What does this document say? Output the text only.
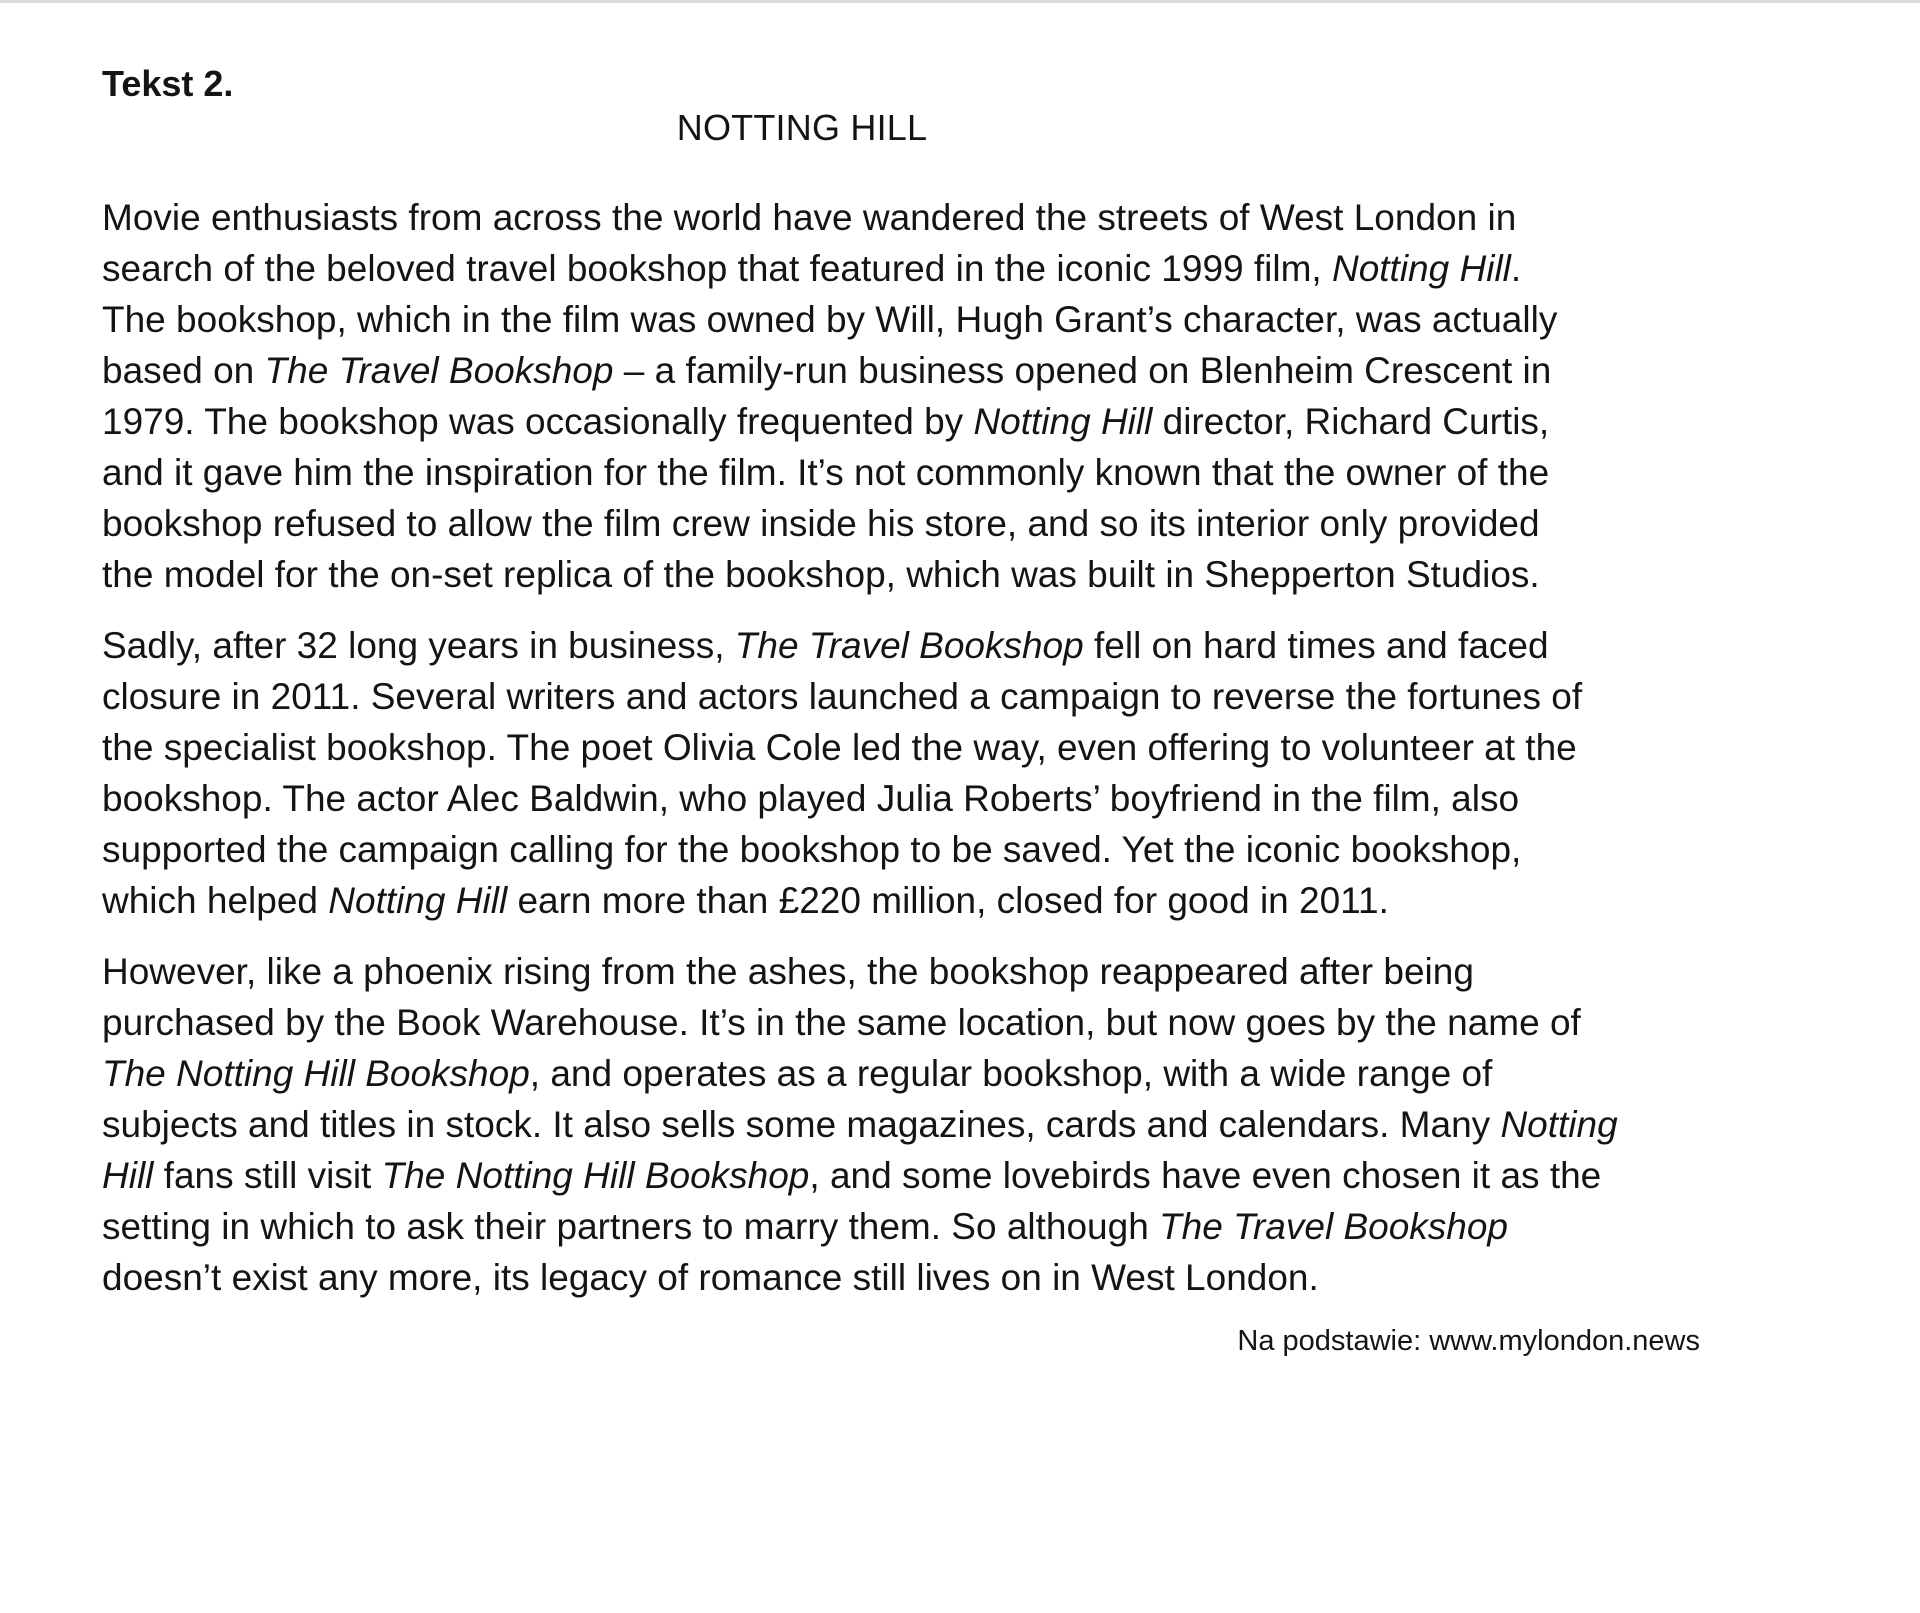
Tekst 2.

NOTTING HILL

Movie enthusiasts from across the world have wandered the streets of West London in
search of the beloved travel bookshop that featured in the iconic 1999 film, Notting Hill.
The bookshop, which in the film was owned by Will, Hugh Grant’s character, was actually
based on The Travel Bookshop – a family-run business opened on Blenheim Crescent in
1979. The bookshop was occasionally frequented by Notting Hill director, Richard Curtis,
and it gave him the inspiration for the film. It’s not commonly known that the owner of the
bookshop refused to allow the film crew inside his store, and so its interior only provided
the model for the on-set replica of the bookshop, which was built in Shepperton Studios.
Sadly, after 32 long years in business, The Travel Bookshop fell on hard times and faced
closure in 2011. Several writers and actors launched a campaign to reverse the fortunes of
the specialist bookshop. The poet Olivia Cole led the way, even offering to volunteer at the
bookshop. The actor Alec Baldwin, who played Julia Roberts’ boyfriend in the film, also
supported the campaign calling for the bookshop to be saved. Yet the iconic bookshop,
which helped Notting Hill earn more than £220 million, closed for good in 2011.
However, like a phoenix rising from the ashes, the bookshop reappeared after being
purchased by the Book Warehouse. It’s in the same location, but now goes by the name of
The Notting Hill Bookshop, and operates as a regular bookshop, with a wide range of
subjects and titles in stock. It also sells some magazines, cards and calendars. Many Notting
Hill fans still visit The Notting Hill Bookshop, and some lovebirds have even chosen it as the
setting in which to ask their partners to marry them. So although The Travel Bookshop
doesn’t exist any more, its legacy of romance still lives on in West London.

Na podstawie: www.mylondon.news
